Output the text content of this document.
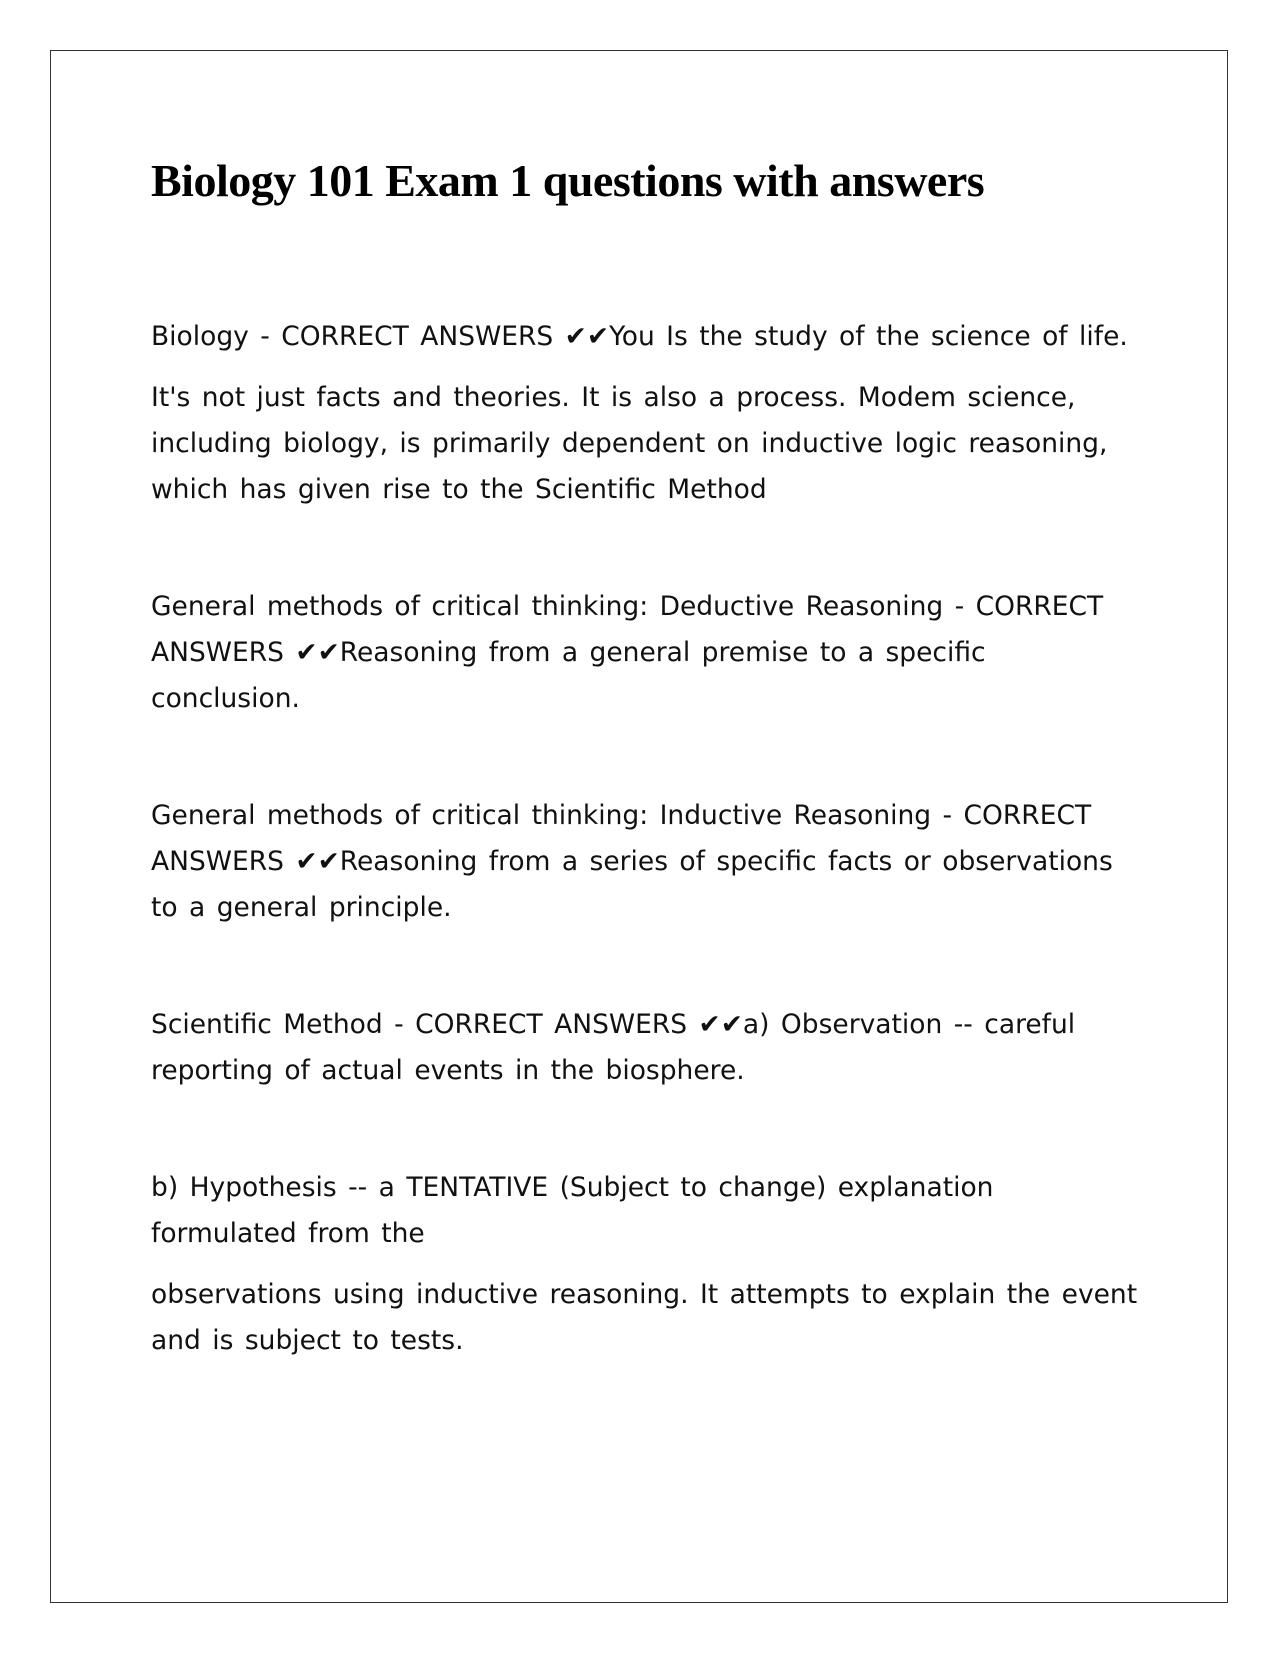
Biology 101 Exam 1 questions with answers

Biology - CORRECT ANSWERS ✔✔You Is the study of the science of life.

It's not just facts and theories. It is also a process. Modem science, including biology, is primarily dependent on inductive logic reasoning, which has given rise to the Scientific Method

General methods of critical thinking: Deductive Reasoning - CORRECT ANSWERS ✔✔Reasoning from a general premise to a specific conclusion.

General methods of critical thinking: Inductive Reasoning - CORRECT ANSWERS ✔✔Reasoning from a series of specific facts or observations to a general principle.

Scientific Method - CORRECT ANSWERS ✔✔a) Observation -- careful reporting of actual events in the biosphere.

b) Hypothesis -- a TENTATIVE (Subject to change) explanation formulated from the

observations using inductive reasoning. It attempts to explain the event and is subject to tests.
